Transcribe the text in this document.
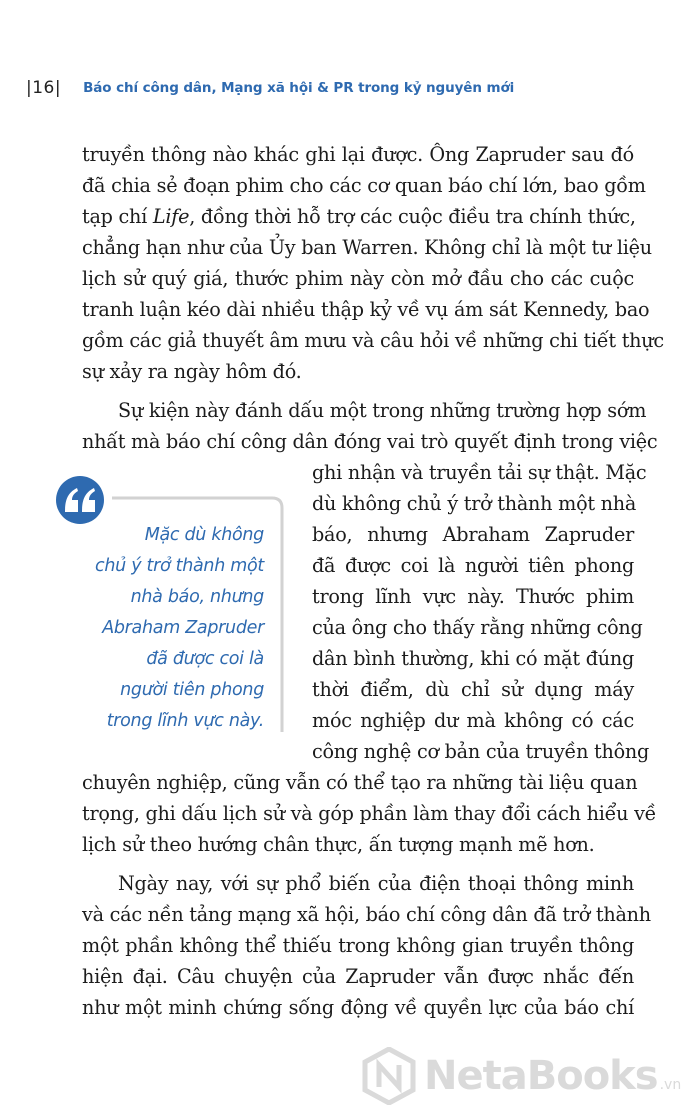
|16| Báo chí công dân, Mạng xã hội & PR trong kỷ nguyên mới
truyền thông nào khác ghi lại được. Ông Zapruder sau đó
đã chia sẻ đoạn phim cho các cơ quan báo chí lớn, bao gồm
tạp chí Life, đồng thời hỗ trợ các cuộc điều tra chính thức,
chẳng hạn như của Ủy ban Warren. Không chỉ là một tư liệu
lịch sử quý giá, thước phim này còn mở đầu cho các cuộc
tranh luận kéo dài nhiều thập kỷ về vụ ám sát Kennedy, bao
gồm các giả thuyết âm mưu và câu hỏi về những chi tiết thực
sự xảy ra ngày hôm đó.
Sự kiện này đánh dấu một trong những trường hợp sớm
nhất mà báo chí công dân đóng vai trò quyết định trong việc
ghi nhận và truyền tải sự thật. Mặc
dù không chủ ý trở thành một nhà
báo, nhưng Abraham Zapruder
đã được coi là người tiên phong
trong lĩnh vực này. Thước phim
của ông cho thấy rằng những công
dân bình thường, khi có mặt đúng
thời điểm, dù chỉ sử dụng máy
móc nghiệp dư mà không có các
công nghệ cơ bản của truyền thông
chuyên nghiệp, cũng vẫn có thể tạo ra những tài liệu quan
trọng, ghi dấu lịch sử và góp phần làm thay đổi cách hiểu về
lịch sử theo hướng chân thực, ấn tượng mạnh mẽ hơn.
Ngày nay, với sự phổ biến của điện thoại thông minh
và các nền tảng mạng xã hội, báo chí công dân đã trở thành
một phần không thể thiếu trong không gian truyền thông
hiện đại. Câu chuyện của Zapruder vẫn được nhắc đến
như một minh chứng sống động về quyền lực của báo chí
Mặc dù không
chủ ý trở thành một
nhà báo, nhưng
Abraham Zapruder
đã được coi là
người tiên phong
trong lĩnh vực này.
NetaBooks .vn
